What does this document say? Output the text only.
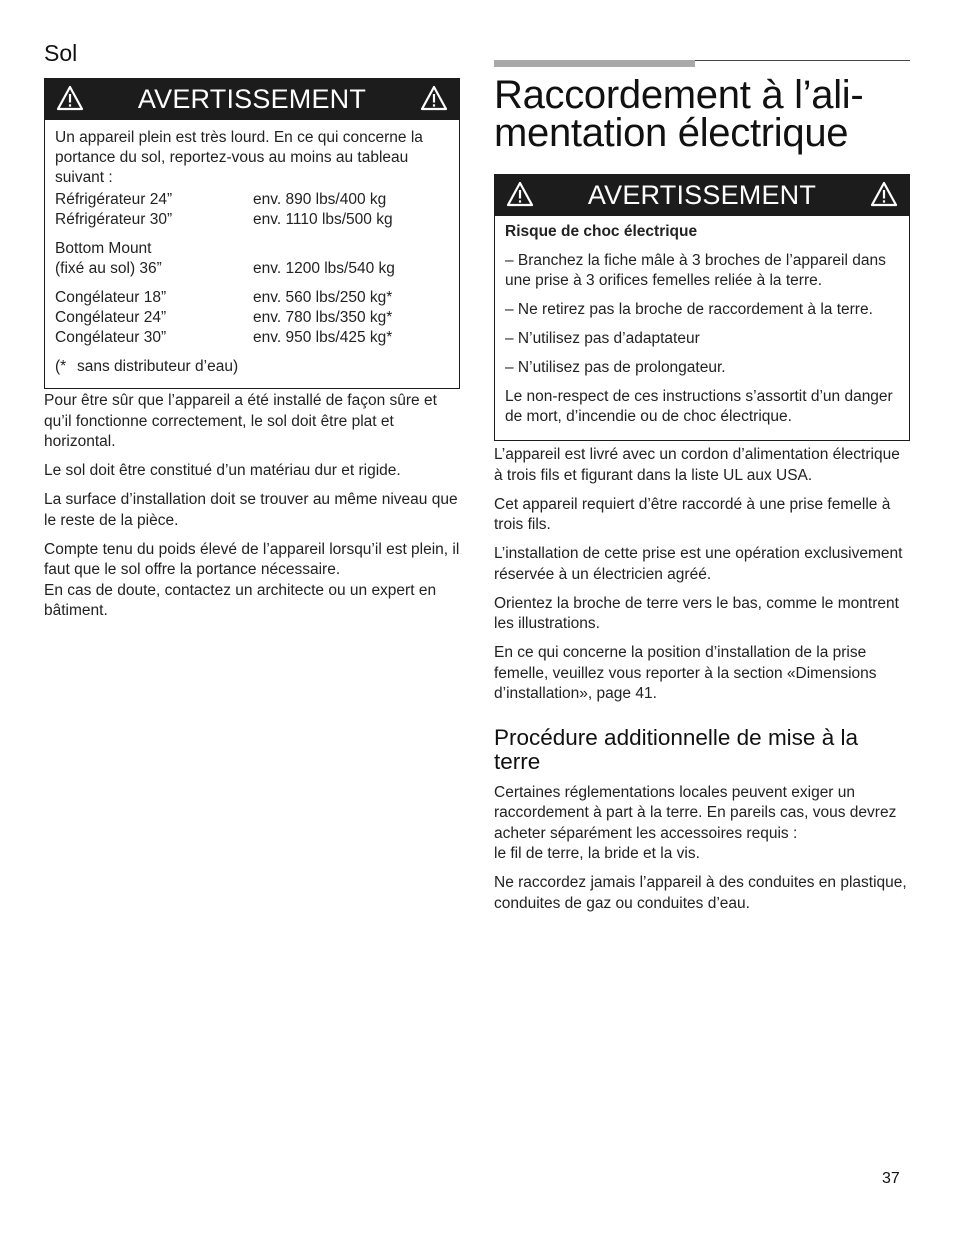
Sol
AVERTISSEMENT

Un appareil plein est très lourd. En ce qui concerne la portance du sol, reportez-vous au moins au tableau suivant :

Réfrigérateur 24”	env. 890 lbs/400 kg
Réfrigérateur 30”	env. 1110 lbs/500 kg
Bottom Mount
(fixé au sol) 36”	env. 1200 lbs/540 kg
Congélateur 18”	env. 560 lbs/250 kg*
Congélateur 24”	env. 780 lbs/350 kg*
Congélateur 30”	env. 950 lbs/425 kg*

(* sans distributeur d’eau)

Pour être sûr que l’appareil a été installé de façon sûre et qu’il fonctionne correctement, le sol doit être plat et horizontal.

Le sol doit être constitué d’un matériau dur et rigide.

La surface d’installation doit se trouver au même niveau que le reste de la pièce.

Compte tenu du poids élevé de l’appareil lorsqu’il est plein, il faut que le sol offre la portance nécessaire.

En cas de doute, contactez un architecte ou un expert en bâtiment.

Raccordement à l’ali-
mentation électrique
AVERTISSEMENT

Risque de choc électrique

– Branchez la fiche mâle à 3 broches de l’appareil dans une prise à 3 orifices femelles reliée à la terre.

– Ne retirez pas la broche de raccordement à la terre.

– N’utilisez pas d’adaptateur

– N’utilisez pas de prolongateur.

Le non-respect de ces instructions s’assortit d’un danger de mort, d’incendie ou de choc électrique.

L’appareil est livré avec un cordon d’alimentation électrique à trois fils et figurant dans la liste UL aux USA.

Cet appareil requiert d’être raccordé à une prise femelle à trois fils.

L’installation de cette prise est une opération exclusivement réservée à un électricien agréé.

Orientez la broche de terre vers le bas, comme le montrent les illustrations.

En ce qui concerne la position d’installation de la prise femelle, veuillez vous reporter à la section «Dimensions d’installation», page 41.

Procédure additionnelle de mise à la terre

Certaines réglementations locales peuvent exiger un raccordement à part à la terre. En pareils cas, vous devrez acheter séparément les accessoires requis :
le fil de terre, la bride et la vis.

Ne raccordez jamais l’appareil à des conduites en plastique, conduites de gaz ou conduites d’eau.

37
